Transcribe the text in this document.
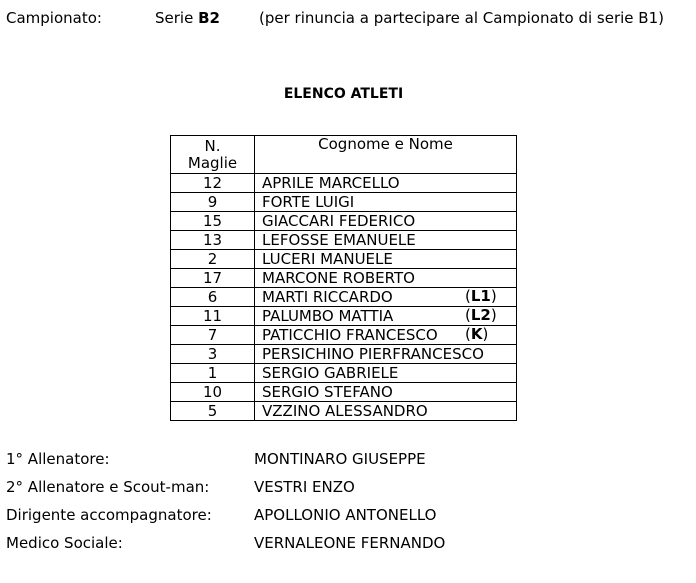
Campionato:	Serie B2	(per rinuncia a partecipare al Campionato di serie B1)
ELENCO ATLETI
N.
Maglie	Cognome e Nome
12	APRILE MARCELLO
9	FORTE LUIGI
15	GIACCARI FEDERICO
13	LEFOSSE EMANUELE
2	LUCERI MANUELE
17	MARCONE ROBERTO
6	MARTI RICCARDO (L1)

11	PALUMBO MATTIA (L2)

7	PATICCHIO FRANCESCO (K)

3	PERSICHINO PIERFRANCESCO
1	SERGIO GABRIELE
10	SERGIO STEFANO
5	VZZINO ALESSANDRO
1° Allenatore:	MONTINARO GIUSEPPE
2° Allenatore e Scout-man:	VESTRI ENZO
Dirigente accompagnatore:	APOLLONIO ANTONELLO
Medico Sociale:	VERNALEONE FERNANDO
